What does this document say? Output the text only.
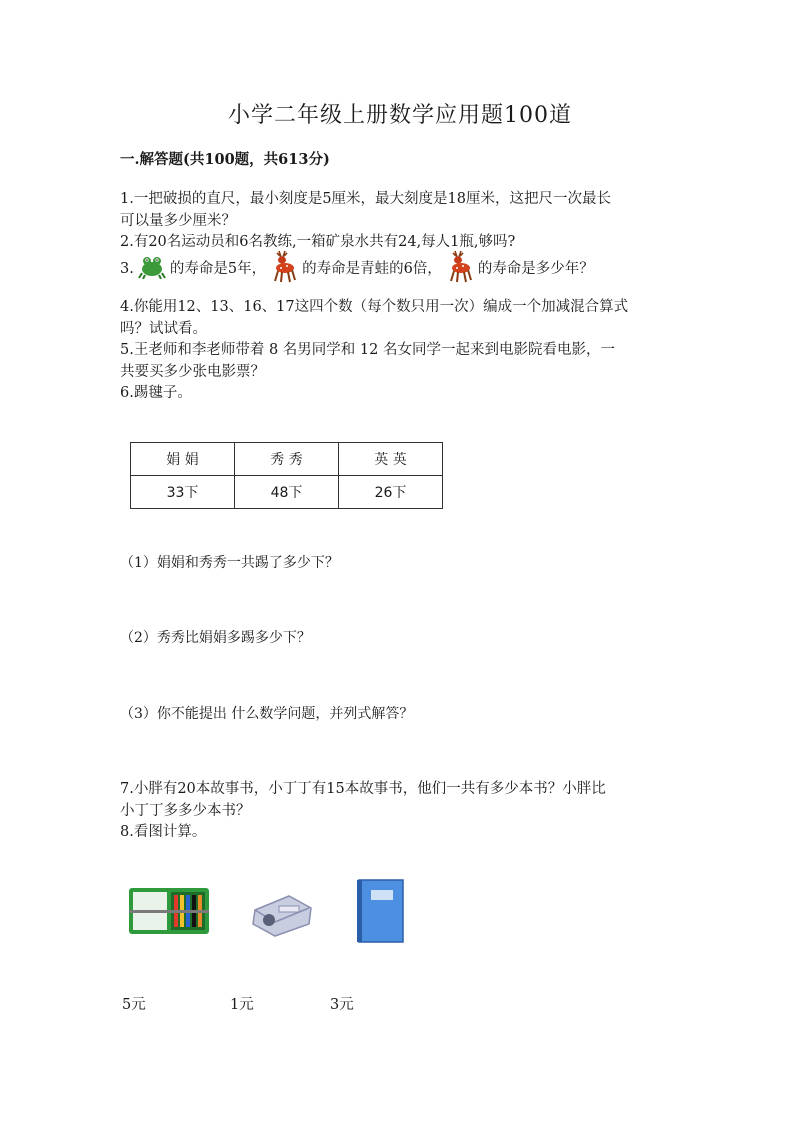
小学二年级上册数学应用题100道
一.解答题(共100题，共613分)
1.一把破损的直尺，最小刻度是5厘米，最大刻度是18厘米，这把尺一次最长
可以量多少厘米？
2.有20名运动员和6名教练,一箱矿泉水共有24,每人1瓶,够吗?
3. 的寿命是5年， 的寿命是青蛙的6倍， 的寿命是多少年？
4.你能用12、13、16、17这四个数（每个数只用一次）编成一个加减混合算式
吗？试试看。
5.王老师和李老师带着 8 名男同学和 12 名女同学一起来到电影院看电影，一
共要买多少张电影票？
6.踢毽子。
娟 娟	秀 秀	英 英
33下	48下	26下
（1）娟娟和秀秀一共踢了多少下？
（2）秀秀比娟娟多踢多少下？
（3）你不能提出 什么数学问题，并列式解答？
7.小胖有20本故事书，小丁丁有15本故事书，他们一共有多少本书？小胖比
小丁丁多多少本书？
8.看图计算。
5元	1元	3元
